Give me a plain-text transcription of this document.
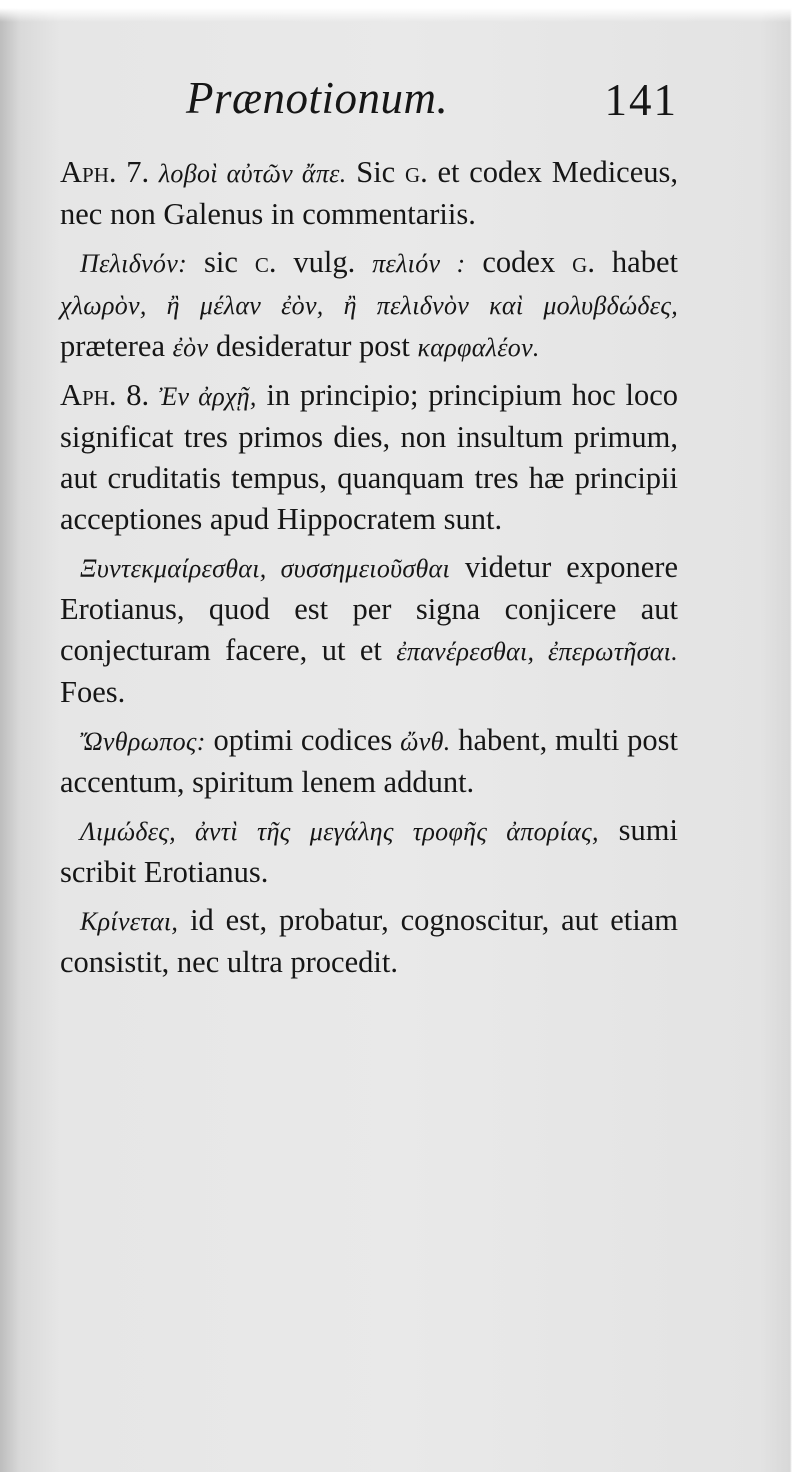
Prænotionum.	141

Aph. 7. λοβοὶ αὐτῶν ἄπε. Sic g. et codex Mediceus, nec non Galenus in commentariis.

Πελιδνόν: sic c. vulg. πελιόν : codex g. habet χλωρὸν, ἢ μέλαν ἐὸν, ἢ πελιδνὸν καὶ μολυβδώδες, præterea ἐὸν desideratur post καρφαλέον.

Aph. 8. Ἐν ἀρχῇ, in principio; principium hoc loco significat tres primos dies, non insultum primum, aut cruditatis tempus, quanquam tres hæ principii acceptiones apud Hippocratem sunt.

Ξυντεκμαίρεσθαι, συσσημειοῦσθαι videtur exponere Erotianus, quod est per signa conjicere aut conjecturam facere, ut et ἐπανέρεσθαι, ἐπερωτῆσαι. Foes.

Ὤνθρωπος: optimi codices ὤνθ. habent, multi post accentum, spiritum lenem addunt.

Λιμώδες, ἀντὶ τῆς μεγάλης τροφῆς ἀπορίας, sumi scribit Erotianus.

Κρίνεται, id est, probatur, cognoscitur, aut etiam consistit, nec ultra procedit.
